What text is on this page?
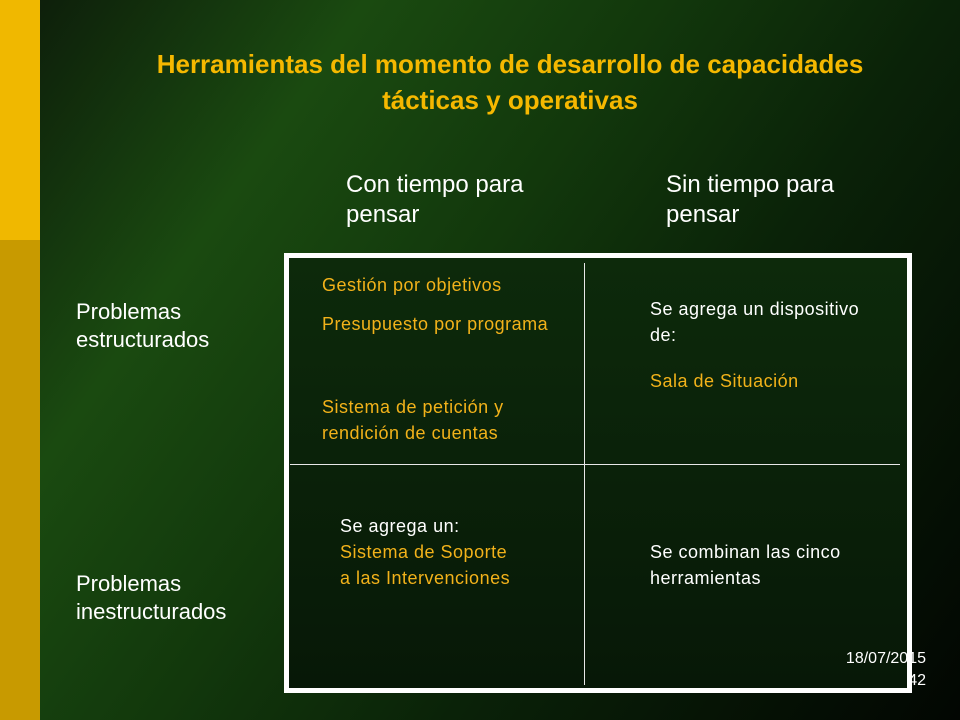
Herramientas del momento de desarrollo de capacidades tácticas y operativas
Con tiempo para pensar
Sin tiempo para pensar
Problemas estructurados
Problemas inestructurados
Gestión por objetivos
Presupuesto por programa
Sistema de petición y rendición de cuentas
Se agrega un dispositivo de:
Sala de Situación
Se agrega un:
Sistema de Soporte a las Intervenciones
Se combinan las cinco herramientas
18/07/2015
42
